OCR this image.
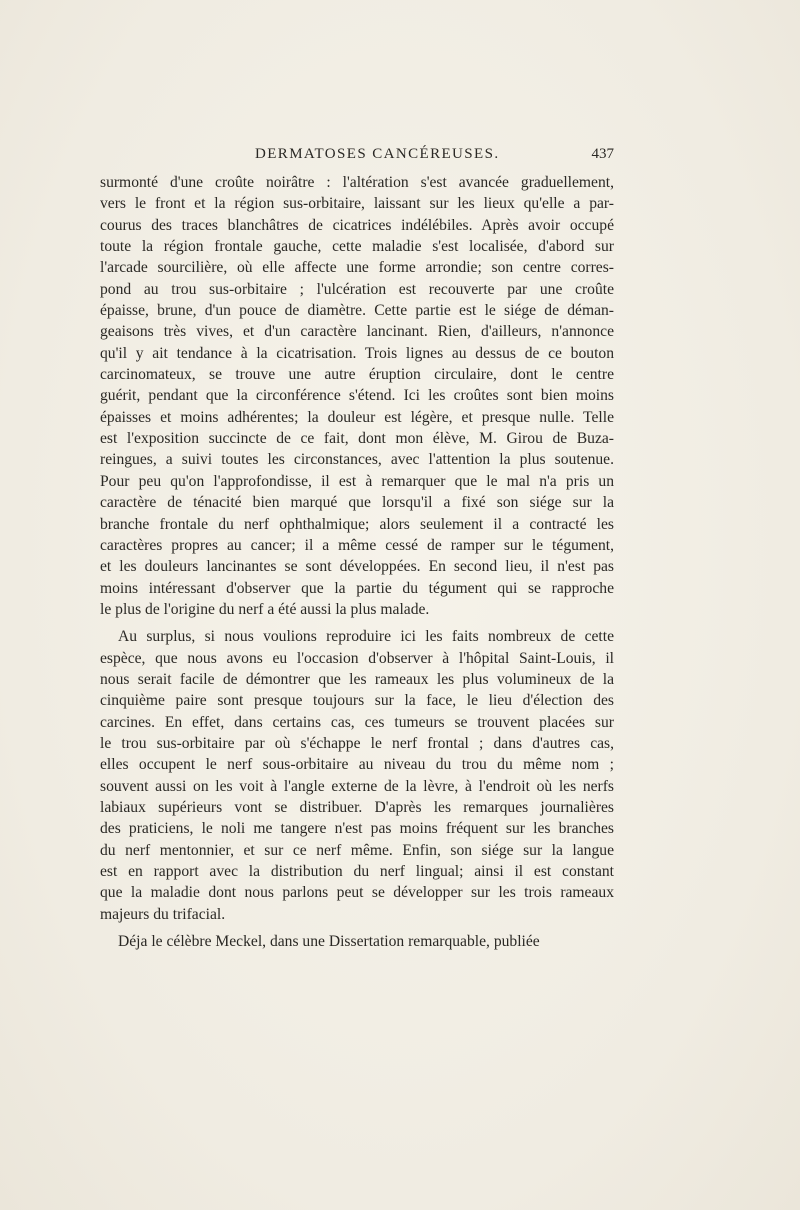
DERMATOSES CANCÉREUSES.	437
surmonté d'une croûte noirâtre : l'altération s'est avancée graduellement,
vers le front et la région sus-orbitaire, laissant sur les lieux qu'elle a par-
courus des traces blanchâtres de cicatrices indélébiles. Après avoir occupé
toute la région frontale gauche, cette maladie s'est localisée, d'abord sur
l'arcade sourcilière, où elle affecte une forme arrondie; son centre corres-
pond au trou sus-orbitaire ; l'ulcération est recouverte par une croûte
épaisse, brune, d'un pouce de diamètre. Cette partie est le siége de déman-
geaisons très vives, et d'un caractère lancinant. Rien, d'ailleurs, n'annonce
qu'il y ait tendance à la cicatrisation. Trois lignes au dessus de ce bouton
carcinomateux, se trouve une autre éruption circulaire, dont le centre
guérit, pendant que la circonférence s'étend. Ici les croûtes sont bien moins
épaisses et moins adhérentes; la douleur est légère, et presque nulle. Telle
est l'exposition succincte de ce fait, dont mon élève, M. Girou de Buza-
reingues, a suivi toutes les circonstances, avec l'attention la plus soutenue.
Pour peu qu'on l'approfondisse, il est à remarquer que le mal n'a pris un
caractère de ténacité bien marqué que lorsqu'il a fixé son siége sur la
branche frontale du nerf ophthalmique; alors seulement il a contracté les
caractères propres au cancer; il a même cessé de ramper sur le tégument,
et les douleurs lancinantes se sont développées. En second lieu, il n'est pas
moins intéressant d'observer que la partie du tégument qui se rapproche
le plus de l'origine du nerf a été aussi la plus malade.
Au surplus, si nous voulions reproduire ici les faits nombreux de cette
espèce, que nous avons eu l'occasion d'observer à l'hôpital Saint-Louis, il
nous serait facile de démontrer que les rameaux les plus volumineux de la
cinquième paire sont presque toujours sur la face, le lieu d'élection des
carcines. En effet, dans certains cas, ces tumeurs se trouvent placées sur
le trou sus-orbitaire par où s'échappe le nerf frontal ; dans d'autres cas,
elles occupent le nerf sous-orbitaire au niveau du trou du même nom ;
souvent aussi on les voit à l'angle externe de la lèvre, à l'endroit où les nerfs
labiaux supérieurs vont se distribuer. D'après les remarques journalières
des praticiens, le noli me tangere n'est pas moins fréquent sur les branches
du nerf mentonnier, et sur ce nerf même. Enfin, son siége sur la langue
est en rapport avec la distribution du nerf lingual; ainsi il est constant
que la maladie dont nous parlons peut se développer sur les trois rameaux
majeurs du trifacial.
Déja le célèbre Meckel, dans une Dissertation remarquable, publiée
